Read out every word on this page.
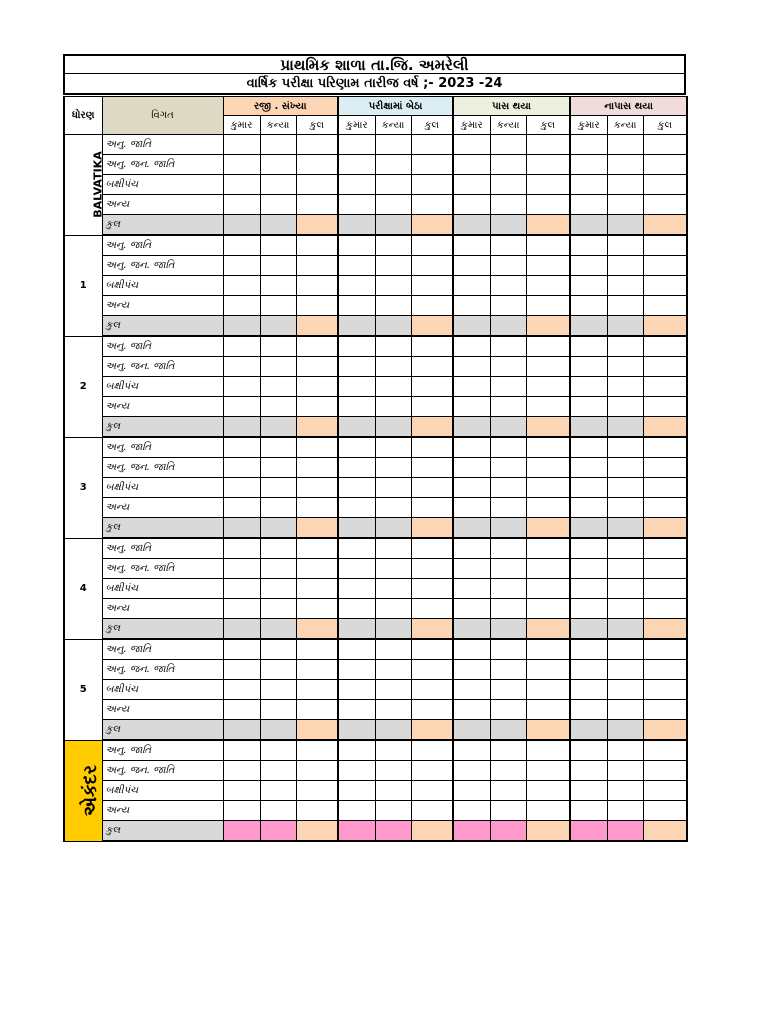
પ્રાથમિક શાળા તા.જિ. અમરેલી
વાર્ષિક પરીક્ષા પરિણામ તારીજ વર્ષ ;- 2023 -24
ધોરણ	વિગત	રજી . સંખ્યા			પરીક્ષામાં બેઠા			પાસ થયા			નાપાસ થયા		
		કુમાર	કન્યા	કુલ	કુમાર	કન્યા	કુલ	કુમાર	કન્યા	કુલ	કુમાર	કન્યા	કુલ
BALVATIKA	અનુ. જાતિ												
	અનુ. જન. જાતિ												
	બક્ષીપંચ												
	અન્ય												
	કુલ												
1	અનુ. જાતિ												
	અનુ. જન. જાતિ												
	બક્ષીપંચ												
	અન્ય												
	કુલ												
2	અનુ. જાતિ												
	અનુ. જન. જાતિ												
	બક્ષીપંચ												
	અન્ય												
	કુલ												
3	અનુ. જાતિ												
	અનુ. જન. જાતિ												
	બક્ષીપંચ												
	અન્ય												
	કુલ												
4	અનુ. જાતિ												
	અનુ. જન. જાતિ												
	બક્ષીપંચ												
	અન્ય												
	કુલ												
5	અનુ. જાતિ												
	અનુ. જન. જાતિ												
	બક્ષીપંચ												
	અન્ય												
	કુલ												
એકંદર	અનુ. જાતિ												
	અનુ. જન. જાતિ												
	બક્ષીપંચ												
	અન્ય												
	કુલ												
